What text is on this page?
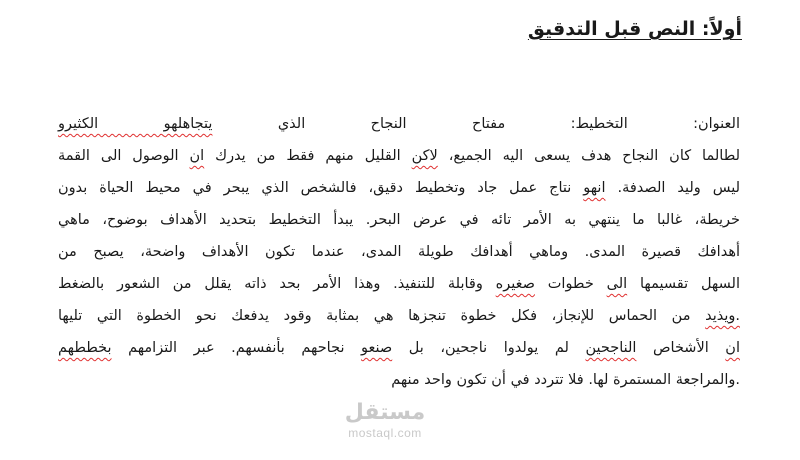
أولاً: النص قبل التدقيق
العنوان: التخطيط: مفتاح النجاح الذي يتجاهلهو الكثيرو
لطالما كان النجاح هدف يسعى اليه الجميع، لاكن القليل منهم فقط من يدرك ان الوصول الى القمة
ليس وليد الصدفة. انهو نتاج عمل جاد وتخطيط دقيق، فالشخص الذي يبحر في محيط الحياة بدون
خريطة، غالبا ما ينتهي به الأمر تائه في عرض البحر. يبدأ التخطيط بتحديد الأهداف بوضوح، ماهي
أهدافك قصيرة المدى. وماهي أهدافك طويلة المدى، عندما تكون الأهداف واضحة، يصبح من
السهل تقسيمها الى خطوات صغيره وقابلة للتنفيذ. وهذا الأمر بحد ذاته يقلل من الشعور بالضغط
.ويذيد من الحماس للإنجاز، فكل خطوة تنجزها هي بمثابة وقود يدفعك نحو الخطوة التي تليها
ان الأشخاص الناجحين لم يولدوا ناجحين، بل صنعو نجاحهم بأنفسهم. عبر التزامهم بخططهم
.والمراجعة المستمرة لها. فلا تتردد في أن تكون واحد منهم
مستقل
mostaql.com
